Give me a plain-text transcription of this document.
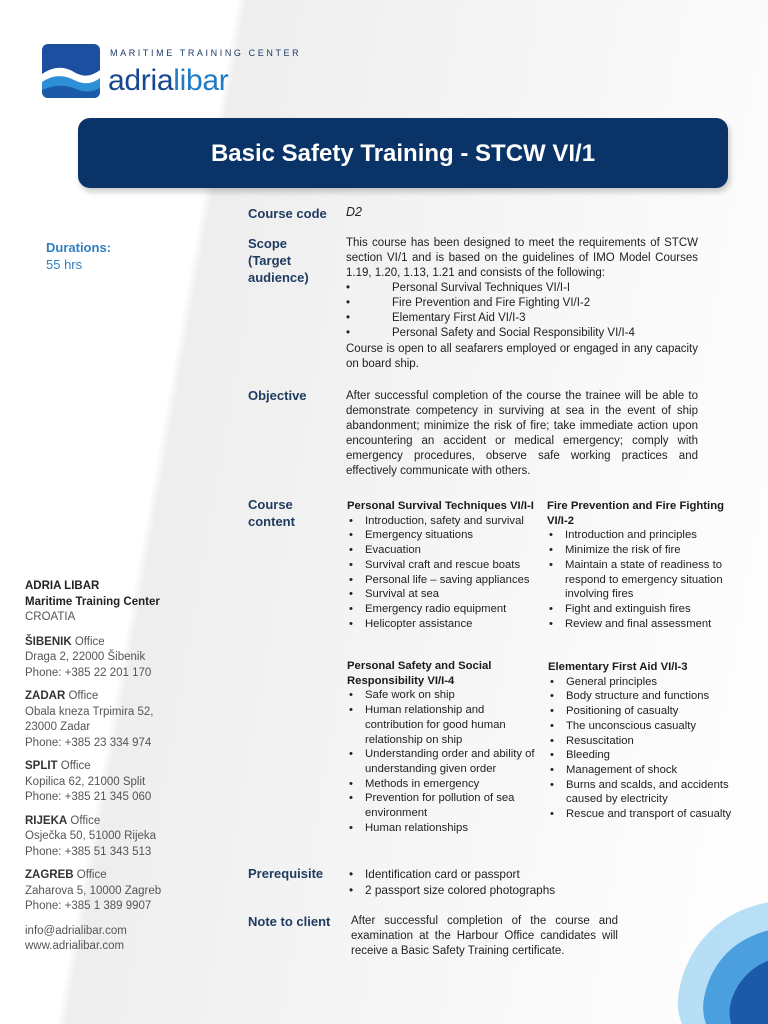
MARITIME TRAINING CENTER
adrialibar
Basic Safety Training - STCW VI/1
Durations:
55 hrs
Course code D2
Scope
(Target
audience)
This course has been designed to meet the requirements of STCW section VI/1 and is based on the guidelines of IMO Model Courses 1.19, 1.20, 1.13, 1.21 and consists of the following:
•	Personal Survival Techniques VI/I-I
•	Fire Prevention and Fire Fighting VI/I-2
•	Elementary First Aid VI/I-3
•	Personal Safety and Social Responsibility VI/I-4
Course is open to all seafarers employed or engaged in any capacity on board ship.
Objective	After successful completion of the course the trainee will be able to demonstrate competency in surviving at sea in the event of ship abandonment; minimize the risk of fire; take immediate action upon encountering an accident or medical emergency; comply with emergency procedures, observe safe working practices and effectively communicate with others.
Course
content
Personal Survival Techniques VI/I-I
• Introduction, safety and survival
• Emergency situations
• Evacuation
• Survival craft and rescue boats
• Personal life – saving appliances
• Survival at sea
• Emergency radio equipment
• Helicopter assistance
Fire Prevention and Fire Fighting VI/I-2
• Introduction and principles
• Minimize the risk of fire
• Maintain a state of readiness to respond to emergency situation involving fires
• Fight and extinguish fires
• Review and final assessment
Personal Safety and Social Responsibility VI/I-4
• Safe work on ship
• Human relationship and contribution for good human relationship on ship
• Understanding order and ability of understanding given order
• Methods in emergency
• Prevention for pollution of sea environment
• Human relationships
Elementary First Aid VI/I-3
• General principles
• Body structure and functions
• Positioning of casualty
• The unconscious casualty
• Resuscitation
• Bleeding
• Management of shock
• Burns and scalds, and accidents caused by electricity
• Rescue and transport of casualty
Prerequisite
•	Identification card or passport
• 2 passport size colored photographs
Note to client After successful completion of the course and examination at the Harbour Office candidates will receive a Basic Safety Training certificate.
ADRIA LIBAR
Maritime Training Center
CROATIA
ŠIBENIK Office
Draga 2, 22000 Šibenik
Phone: +385 22 201 170
ZADAR Office
Obala kneza Trpimira 52,
23000 Zadar
Phone: +385 23 334 974
SPLIT Office
Kopilica 62, 21000 Split
Phone: +385 21 345 060
RIJEKA Office
Osječka 50, 51000 Rijeka
Phone: +385 51 343 513
ZAGREB Office
Zaharova 5, 10000 Zagreb
Phone: +385 1 389 9907
info@adrialibar.com
www.adrialibar.com
